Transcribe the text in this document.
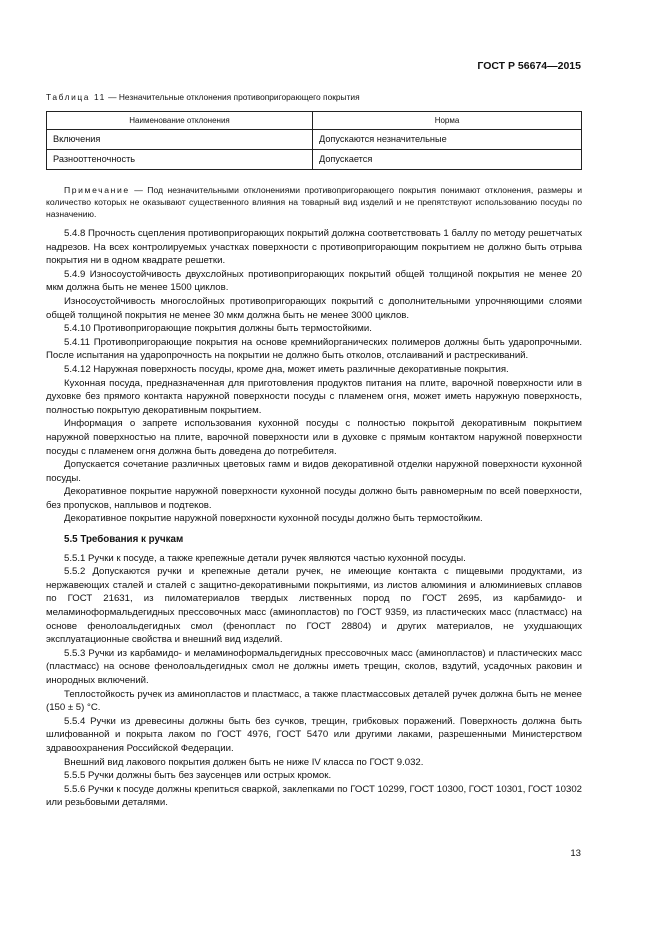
ГОСТ Р 56674—2015
Таблица 11 — Незначительные отклонения противопригорающего покрытия
Наименование отклонения	Норма
Включения	Допускаются незначительные
Разнооттеночность	Допускается
Примечание — Под незначительными отклонениями противопригорающего покрытия понимают отклонения, размеры и количество которых не оказывают существенного влияния на товарный вид изделий и не препятствуют использованию посуды по назначению.

5.4.8 Прочность сцепления противопригорающих покрытий должна соответствовать 1 баллу по методу решетчатых надрезов. На всех контролируемых участках поверхности с противопригорающим покрытием не должно быть отрыва покрытия ни в одном квадрате решетки.

5.4.9 Износоустойчивость двухслойных противопригорающих покрытий общей толщиной покрытия не менее 20 мкм должна быть не менее 1500 циклов.

Износоустойчивость многослойных противопригорающих покрытий с дополнительными упрочняющими слоями общей толщиной покрытия не менее 30 мкм должна быть не менее 3000 циклов.

5.4.10 Противопригорающие покрытия должны быть термостойкими.

5.4.11 Противопригорающие покрытия на основе кремнийорганических полимеров должны быть ударопрочными. После испытания на ударопрочность на покрытии не должно быть отколов, отслаиваний и растрескиваний.

5.4.12 Наружная поверхность посуды, кроме дна, может иметь различные декоративные покрытия.

Кухонная посуда, предназначенная для приготовления продуктов питания на плите, варочной поверхности или в духовке без прямого контакта наружной поверхности посуды с пламенем огня, может иметь наружную поверхность, полностью покрытую декоративным покрытием.

Информация о запрете использования кухонной посуды с полностью покрытой декоративным покрытием наружной поверхностью на плите, варочной поверхности или в духовке с прямым контактом наружной поверхности посуды с пламенем огня должна быть доведена до потребителя.

Допускается сочетание различных цветовых гамм и видов декоративной отделки наружной поверхности кухонной посуды.

Декоративное покрытие наружной поверхности кухонной посуды должно быть равномерным по всей поверхности, без пропусков, наплывов и подтеков.

Декоративное покрытие наружной поверхности кухонной посуды должно быть термостойким.

5.5 Требования к ручкам

5.5.1 Ручки к посуде, а также крепежные детали ручек являются частью кухонной посуды.

5.5.2 Допускаются ручки и крепежные детали ручек, не имеющие контакта с пищевыми продуктами, из нержавеющих сталей и сталей с защитно-декоративными покрытиями, из листов алюминия и алюминиевых сплавов по ГОСТ 21631, из пиломатериалов твердых лиственных пород по ГОСТ 2695, из карбамидо- и меламиноформальдегидных прессовочных масс (аминопластов) по ГОСТ 9359, из пластических масс (пластмасс) на основе фенолоальдегидных смол (фенопласт по ГОСТ 28804) и других материалов, не ухудшающих эксплуатационные свойства и внешний вид изделий.

5.5.3 Ручки из карбамидо- и меламиноформальдегидных прессовочных масс (аминопластов) и пластических масс (пластмасс) на основе фенолоальдегидных смол не должны иметь трещин, сколов, вздутий, усадочных раковин и инородных включений.

Теплостойкость ручек из аминопластов и пластмасс, а также пластмассовых деталей ручек должна быть не менее (150 ± 5) °С.

5.5.4 Ручки из древесины должны быть без сучков, трещин, грибковых поражений. Поверхность должна быть шлифованной и покрыта лаком по ГОСТ 4976, ГОСТ 5470 или другими лаками, разрешенными Министерством здравоохранения Российской Федерации.

Внешний вид лакового покрытия должен быть не ниже IV класса по ГОСТ 9.032.

5.5.5 Ручки должны быть без заусенцев или острых кромок.

5.5.6 Ручки к посуде должны крепиться сваркой, заклепками по ГОСТ 10299, ГОСТ 10300, ГОСТ 10301, ГОСТ 10302 или резьбовыми деталями.

13
